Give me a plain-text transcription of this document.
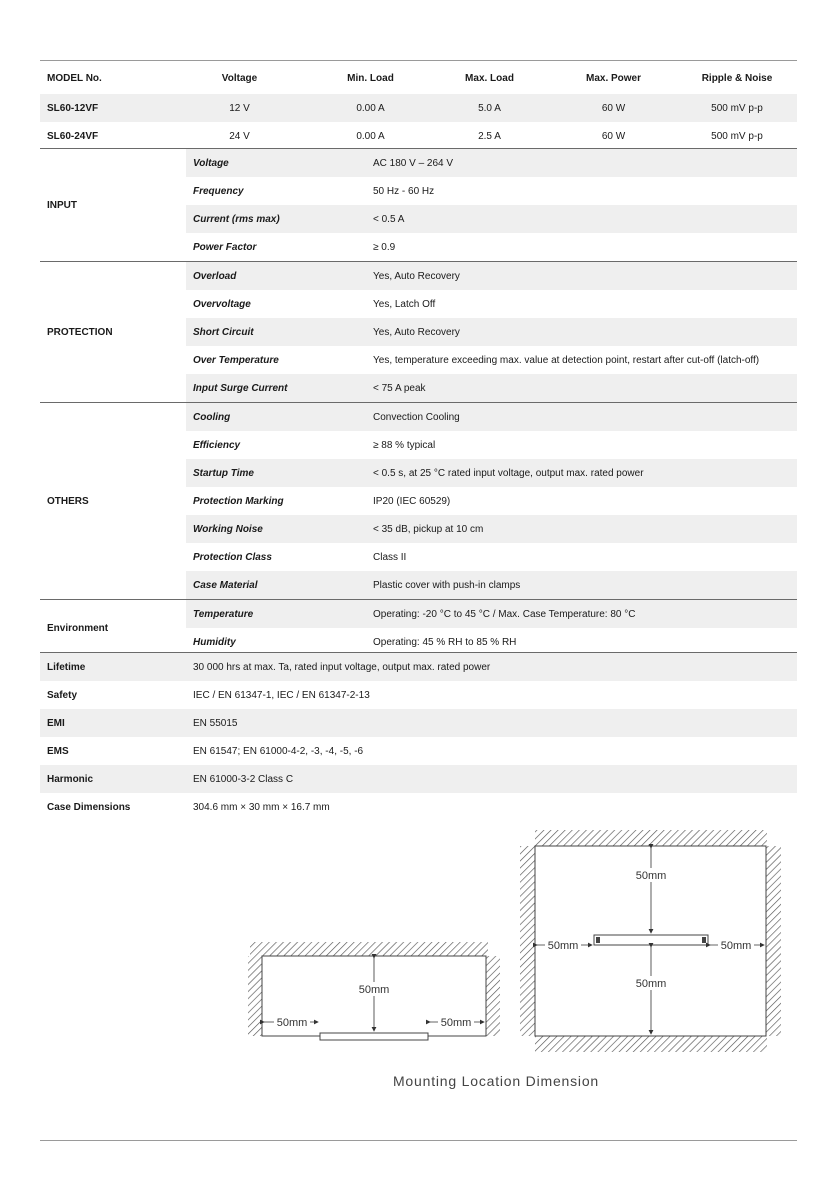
MODEL No.	Voltage	Min. Load	Max. Load	Max. Power	Ripple & Noise
SL60-12VF	12 V	0.00 A	5.0 A	60 W	500 mV p-p
SL60-24VF	24 V	0.00 A	2.5 A	60 W	500 mV p-p
INPUT	Voltage	AC 180 V – 264 V
	Frequency	50 Hz - 60 Hz
	Current (rms max)	< 0.5 A
	Power Factor	≥ 0.9
PROTECTION	Overload	Yes, Auto Recovery
	Overvoltage	Yes, Latch Off
	Short Circuit	Yes, Auto Recovery
	Over Temperature	Yes, temperature exceeding max. value at detection point, restart after cut-off (latch-off)
	Input Surge Current	< 75 A peak
OTHERS	Cooling	Convection Cooling
	Efficiency	≥ 88 % typical
	Startup Time	< 0.5 s, at 25 °C rated input voltage, output max. rated power
	Protection Marking	IP20 (IEC 60529)
	Working Noise	< 35 dB, pickup at 10 cm
	Protection Class	Class II
	Case Material	Plastic cover with push-in clamps
Environment	Temperature	Operating: -20 °C to 45 °C / Max. Case Temperature: 80 °C
	Humidity	Operating: 45 % RH to 85 % RH
Lifetime	30 000 hrs at max. Ta, rated input voltage, output max. rated power
Safety	IEC / EN 61347-1, IEC / EN 61347-2-13
EMI	EN 55015
EMS	EN 61547; EN 61000-4-2, -3, -4, -5, -6
Harmonic	EN 61000-3-2 Class C
Case Dimensions	304.6 mm × 30 mm × 16.7 mm
50mm
50mm	50mm
50mm
50mm
50mm	50mm
Mounting Location Dimension
